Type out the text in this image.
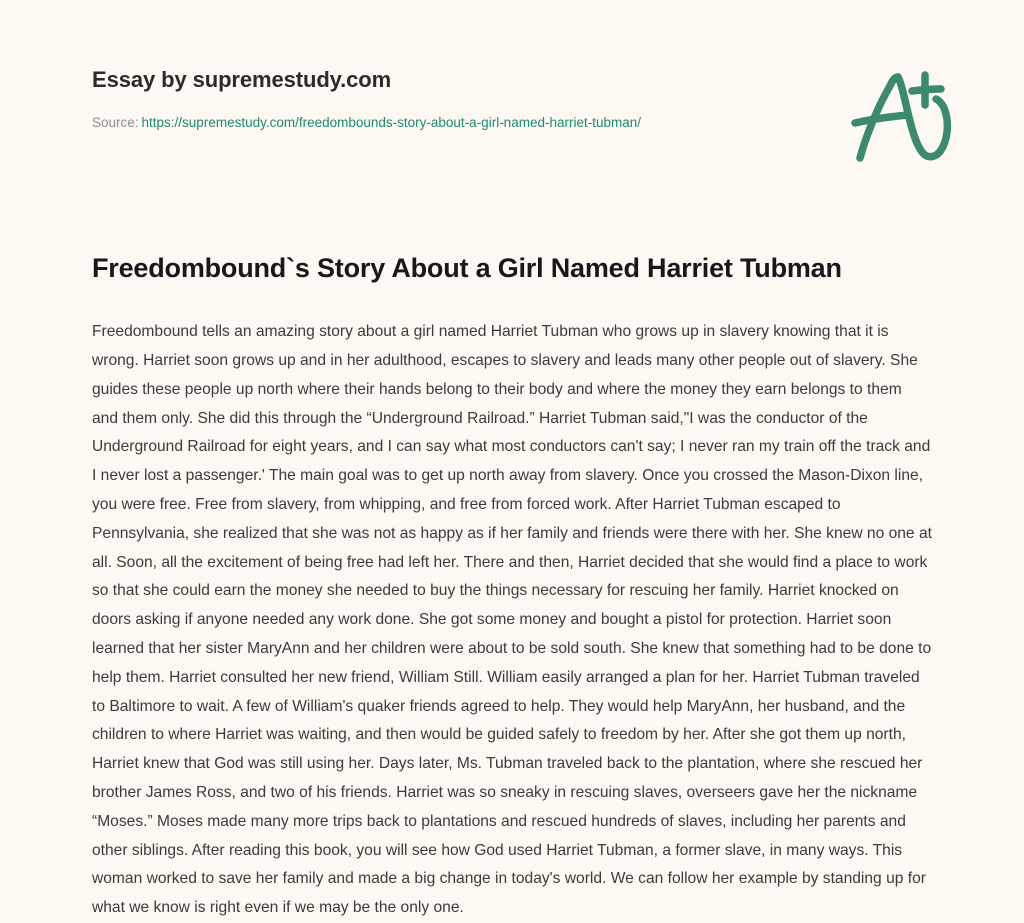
Essay by supremestudy.com
Source: https://supremestudy.com/freedombounds-story-about-a-girl-named-harriet-tubman/
Freedombound`s Story About a Girl Named Harriet Tubman

Freedombound tells an amazing story about a girl named Harriet Tubman who grows up in slavery knowing that it is wrong. Harriet soon grows up and in her adulthood, escapes to slavery and leads many other people out of slavery. She guides these people up north where their hands belong to their body and where the money they earn belongs to them and them only. She did this through the “Underground Railroad.” Harriet Tubman said,"I was the conductor of the Underground Railroad for eight years, and I can say what most conductors can't say; I never ran my train off the track and I never lost a passenger.' The main goal was to get up north away from slavery. Once you crossed the Mason-Dixon line, you were free. Free from slavery, from whipping, and free from forced work. After Harriet Tubman escaped to Pennsylvania, she realized that she was not as happy as if her family and friends were there with her. She knew no one at all. Soon, all the excitement of being free had left her. There and then, Harriet decided that she would find a place to work so that she could earn the money she needed to buy the things necessary for rescuing her family. Harriet knocked on doors asking if anyone needed any work done. She got some money and bought a pistol for protection. Harriet soon learned that her sister MaryAnn and her children were about to be sold south. She knew that something had to be done to help them. Harriet consulted her new friend, William Still. William easily arranged a plan for her. Harriet Tubman traveled to Baltimore to wait. A few of William's quaker friends agreed to help. They would help MaryAnn, her husband, and the children to where Harriet was waiting, and then would be guided safely to freedom by her. After she got them up north, Harriet knew that God was still using her. Days later, Ms. Tubman traveled back to the plantation, where she rescued her brother James Ross, and two of his friends. Harriet was so sneaky in rescuing slaves, overseers gave her the nickname “Moses.” Moses made many more trips back to plantations and rescued hundreds of slaves, including her parents and other siblings. After reading this book, you will see how God used Harriet Tubman, a former slave, in many ways. This woman worked to save her family and made a big change in today's world. We can follow her example by standing up for what we know is right even if we may be the only one.
